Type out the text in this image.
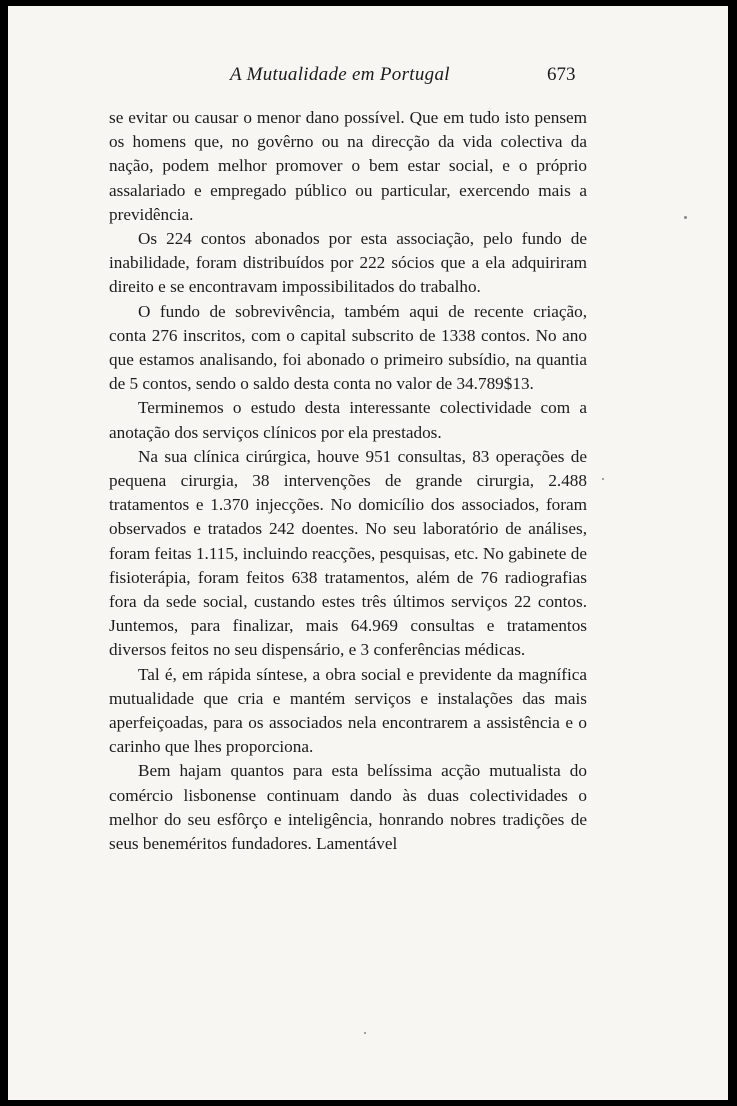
A Mutualidade em Portugal	673

se evitar ou causar o menor dano possível. Que em tudo isto pensem os homens que, no govêrno ou na direcção da vida colectiva da nação, podem melhor promover o bem estar social, e o próprio assalariado e empregado público ou particular, exercendo mais a previdência.

Os 224 contos abonados por esta associação, pelo fundo de inabilidade, foram distribuídos por 222 sócios que a ela adquiriram direito e se encontravam impossibilitados do trabalho.

O fundo de sobrevivência, também aqui de recente criação, conta 276 inscritos, com o capital subscrito de 1338 contos. No ano que estamos analisando, foi abonado o primeiro subsídio, na quantia de 5 contos, sendo o saldo desta conta no valor de 34.789$13.

Terminemos o estudo desta interessante colectividade com a anotação dos serviços clínicos por ela prestados.

Na sua clínica cirúrgica, houve 951 consultas, 83 operações de pequena cirurgia, 38 intervenções de grande cirurgia, 2.488 tratamentos e 1.370 injecções. No domicílio dos associados, foram observados e tratados 242 doentes. No seu laboratório de análises, foram feitas 1.115, incluindo reacções, pesquisas, etc. No gabinete de fisioterápia, foram feitos 638 tratamentos, além de 76 radiografias fora da sede social, custando estes três últimos serviços 22 contos. Juntemos, para finalizar, mais 64.969 consultas e tratamentos diversos feitos no seu dispensário, e 3 conferências médicas.

Tal é, em rápida síntese, a obra social e previdente da magnífica mutualidade que cria e mantém serviços e instalações das mais aperfeiçoadas, para os associados nela encontrarem a assistência e o carinho que lhes proporciona.

Bem hajam quantos para esta belíssima acção mutualista do comércio lisbonense continuam dando às duas colectividades o melhor do seu esfôrço e inteligência, honrando nobres tradições de seus beneméritos fundadores. Lamentável
